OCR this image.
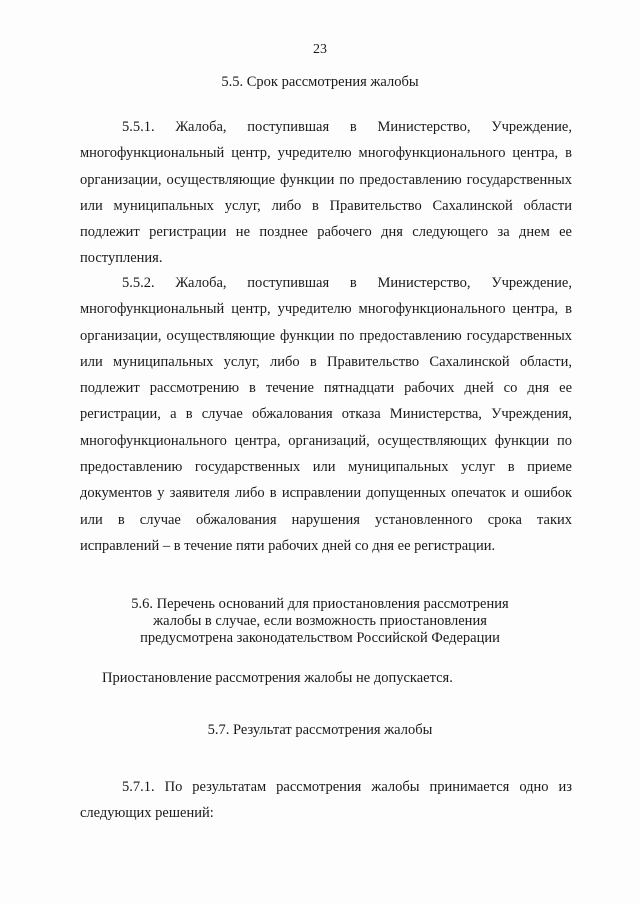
23
5.5. Срок рассмотрения жалобы
5.5.1. Жалоба, поступившая в Министерство, Учреждение, многофункциональный центр, учредителю многофункционального центра, в организации, осуществляющие функции по предоставлению государственных или муниципальных услуг, либо в Правительство Сахалинской области подлежит регистрации не позднее рабочего дня следующего за днем ее поступления.
5.5.2. Жалоба, поступившая в Министерство, Учреждение, многофункциональный центр, учредителю многофункционального центра, в организации, осуществляющие функции по предоставлению государственных или муниципальных услуг, либо в Правительство Сахалинской области, подлежит рассмотрению в течение пятнадцати рабочих дней со дня ее регистрации, а в случае обжалования отказа Министерства, Учреждения, многофункционального центра, организаций, осуществляющих функции по предоставлению государственных или муниципальных услуг в приеме документов у заявителя либо в исправлении допущенных опечаток и ошибок или в случае обжалования нарушения установленного срока таких исправлений – в течение пяти рабочих дней со дня ее регистрации.
5.6. Перечень оснований для приостановления рассмотрения
жалобы в случае, если возможность приостановления
предусмотрена законодательством Российской Федерации
Приостановление рассмотрения жалобы не допускается.
5.7. Результат рассмотрения жалобы
5.7.1. По результатам рассмотрения жалобы принимается одно из следующих решений:
